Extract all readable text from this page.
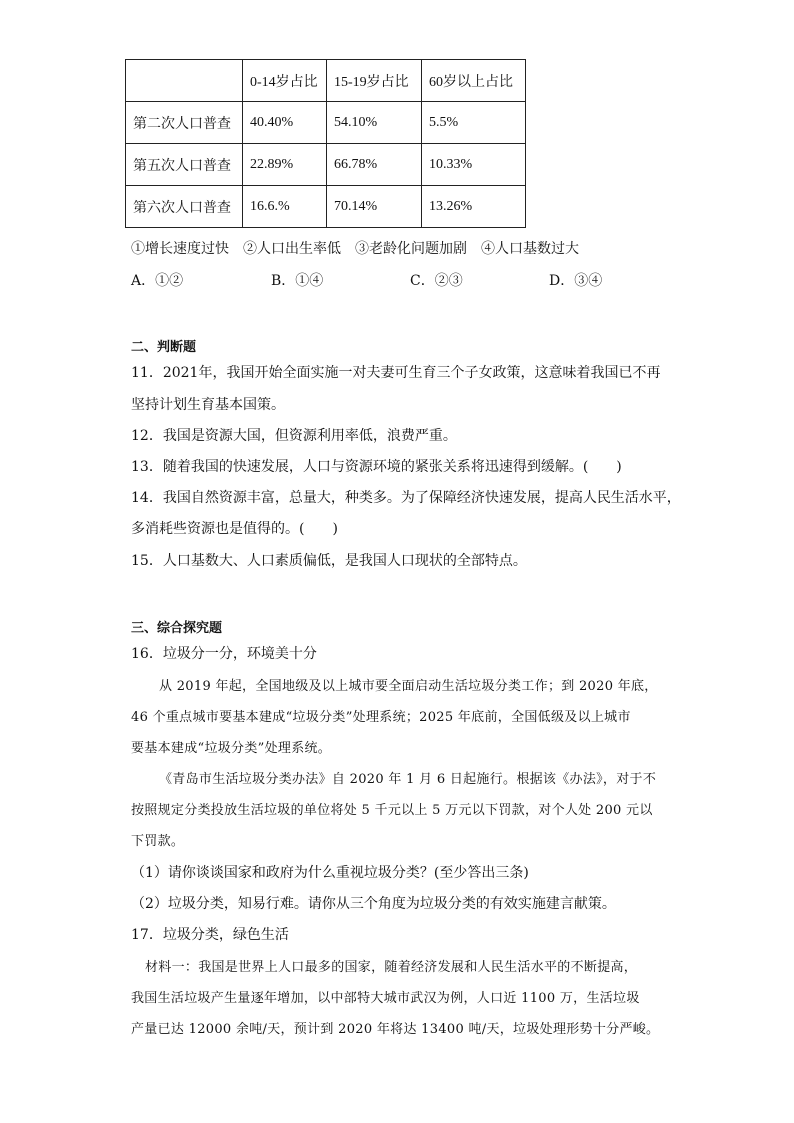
	0-14岁占比	15-19岁占比	60岁以上占比
第二次人口普查	40.40%	54.10%	5.5%
第五次人口普查	22.89%	66.78%	10.33%
第六次人口普查	16.6.%	70.14%	13.26%
①增长速度过快　②人口出生率低　③老龄化问题加剧　④人口基数过大
A．①②	B．①④	C．②③	D．③④
二、判断题
11．2021年，我国开始全面实施一对夫妻可生育三个子女政策，这意味着我国已不再
坚持计划生育基本国策。
12．我国是资源大国，但资源利用率低，浪费严重。
13．随着我国的快速发展，人口与资源环境的紧张关系将迅速得到缓解。(　　)
14．我国自然资源丰富，总量大，种类多。为了保障经济快速发展，提高人民生活水平，
多消耗些资源也是值得的。(　　)
15．人口基数大、人口素质偏低，是我国人口现状的全部特点。
三、综合探究题
16．垃圾分一分，环境美十分
从 2019 年起，全国地级及以上城市要全面启动生活垃圾分类工作；到 2020 年底，
46 个重点城市要基本建成“垃圾分类”处理系统；2025 年底前，全国低级及以上城市
要基本建成“垃圾分类”处理系统。
《青岛市生活垃圾分类办法》自 2020 年 1 月 6 日起施行。根据该《办法》，对于不
按照规定分类投放生活垃圾的单位将处 5 千元以上 5 万元以下罚款，对个人处 200 元以
下罚款。
（1）请你谈谈国家和政府为什么重视垃圾分类？(至少答出三条)
（2）垃圾分类，知易行难。请你从三个角度为垃圾分类的有效实施建言献策。
17．垃圾分类，绿色生活
材料一：我国是世界上人口最多的国家，随着经济发展和人民生活水平的不断提高，
我国生活垃圾产生量逐年增加，以中部特大城市武汉为例，人口近 1100 万，生活垃圾
产量已达 12000 余吨/天，预计到 2020 年将达 13400 吨/天，垃圾处理形势十分严峻。
